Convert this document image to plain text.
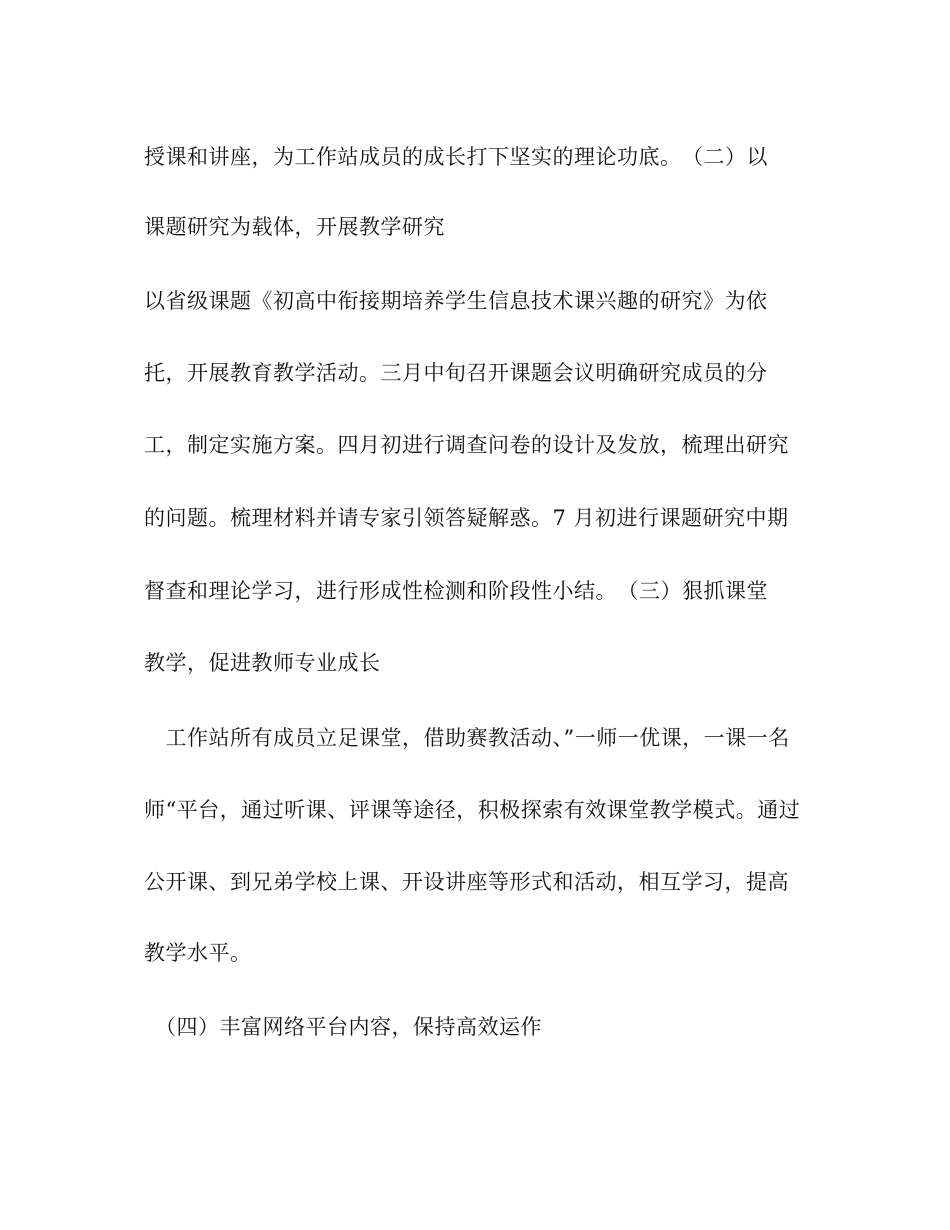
授课和讲座，为工作站成员的成长打下坚实的理论功底。　（二）以
课题研究为载体，开展教学研究
以省级课题《初高中衔接期培养学生信息技术课兴趣的研究》为依
托，开展教育教学活动。三月中旬召开课题会议明确研究成员的分
工，制定实施方案。四月初进行调查问卷的设计及发放，梳理出研究
的问题。梳理材料并请专家引领答疑解惑。7 月初进行课题研究中期
督查和理论学习，进行形成性检测和阶段性小结。　（三）狠抓课堂
教学，促进教师专业成长
　工作站所有成员立足课堂，借助赛教活动、”一师一优课，一课一名
师“平台，通过听课、评课等途径，积极探索有效课堂教学模式。通过
公开课、到兄弟学校上课、开设讲座等形式和活动，相互学习，提高
教学水平。
　（四）丰富网络平台内容，保持高效运作
